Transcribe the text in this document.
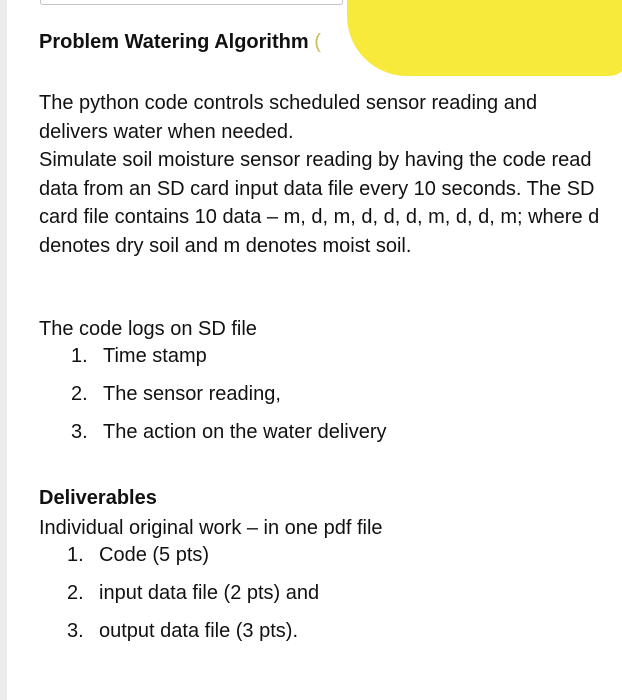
Problem Watering Algorithm (

The python code controls scheduled sensor reading and delivers water when needed.

Simulate soil moisture sensor reading by having the code read data from an SD card input data file every 10 seconds. The SD card file contains 10 data – m, d, m, d, d, d, m, d, d, m; where d denotes dry soil and m denotes moist soil.

The code logs on SD file

1. Time stamp
2. The sensor reading,
3. The action on the water delivery
Deliverables

Individual original work – in one pdf file

1. Code (5 pts)
2. input data file (2 pts) and
3. output data file (3 pts).
